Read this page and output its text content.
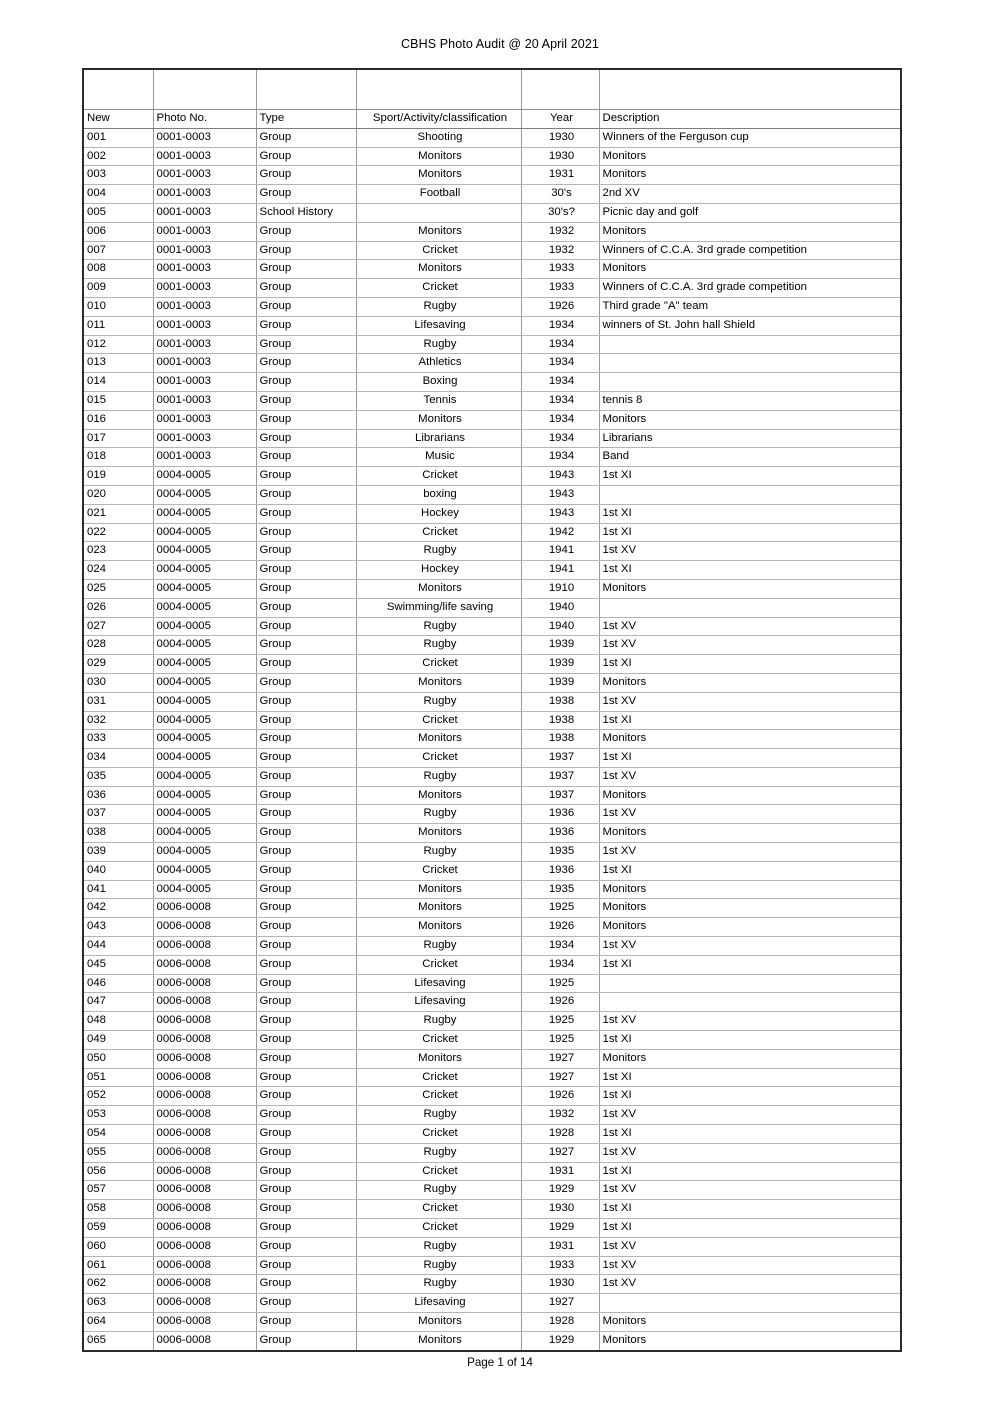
CBHS Photo Audit @ 20 April 2021

New	Photo No.	Type	Sport/Activity/classification	Year	Description
001	0001-0003	Group	Shooting	1930	Winners of the Ferguson cup
002	0001-0003	Group	Monitors	1930	Monitors
003	0001-0003	Group	Monitors	1931	Monitors
004	0001-0003	Group	Football	30's	2nd XV
005	0001-0003	School History		30's?	Picnic day and golf
006	0001-0003	Group	Monitors	1932	Monitors
007	0001-0003	Group	Cricket	1932	Winners of C.C.A. 3rd grade competition
008	0001-0003	Group	Monitors	1933	Monitors
009	0001-0003	Group	Cricket	1933	Winners of C.C.A. 3rd grade competition
010	0001-0003	Group	Rugby	1926	Third grade "A" team
011	0001-0003	Group	Lifesaving	1934	winners of St. John hall Shield
012	0001-0003	Group	Rugby	1934	
013	0001-0003	Group	Athletics	1934	
014	0001-0003	Group	Boxing	1934	
015	0001-0003	Group	Tennis	1934	tennis 8
016	0001-0003	Group	Monitors	1934	Monitors
017	0001-0003	Group	Librarians	1934	Librarians
018	0001-0003	Group	Music	1934	Band
019	0004-0005	Group	Cricket	1943	1st XI
020	0004-0005	Group	boxing	1943	
021	0004-0005	Group	Hockey	1943	1st XI
022	0004-0005	Group	Cricket	1942	1st XI
023	0004-0005	Group	Rugby	1941	1st XV
024	0004-0005	Group	Hockey	1941	1st XI
025	0004-0005	Group	Monitors	1910	Monitors
026	0004-0005	Group	Swimming/life saving	1940	
027	0004-0005	Group	Rugby	1940	1st XV
028	0004-0005	Group	Rugby	1939	1st XV
029	0004-0005	Group	Cricket	1939	1st XI
030	0004-0005	Group	Monitors	1939	Monitors
031	0004-0005	Group	Rugby	1938	1st XV
032	0004-0005	Group	Cricket	1938	1st XI
033	0004-0005	Group	Monitors	1938	Monitors
034	0004-0005	Group	Cricket	1937	1st XI
035	0004-0005	Group	Rugby	1937	1st XV
036	0004-0005	Group	Monitors	1937	Monitors
037	0004-0005	Group	Rugby	1936	1st XV
038	0004-0005	Group	Monitors	1936	Monitors
039	0004-0005	Group	Rugby	1935	1st XV
040	0004-0005	Group	Cricket	1936	1st XI
041	0004-0005	Group	Monitors	1935	Monitors
042	0006-0008	Group	Monitors	1925	Monitors
043	0006-0008	Group	Monitors	1926	Monitors
044	0006-0008	Group	Rugby	1934	1st XV
045	0006-0008	Group	Cricket	1934	1st XI
046	0006-0008	Group	Lifesaving	1925	
047	0006-0008	Group	Lifesaving	1926	
048	0006-0008	Group	Rugby	1925	1st XV
049	0006-0008	Group	Cricket	1925	1st XI
050	0006-0008	Group	Monitors	1927	Monitors
051	0006-0008	Group	Cricket	1927	1st XI
052	0006-0008	Group	Cricket	1926	1st XI
053	0006-0008	Group	Rugby	1932	1st XV
054	0006-0008	Group	Cricket	1928	1st XI
055	0006-0008	Group	Rugby	1927	1st XV
056	0006-0008	Group	Cricket	1931	1st XI
057	0006-0008	Group	Rugby	1929	1st XV
058	0006-0008	Group	Cricket	1930	1st XI
059	0006-0008	Group	Cricket	1929	1st XI
060	0006-0008	Group	Rugby	1931	1st XV
061	0006-0008	Group	Rugby	1933	1st XV
062	0006-0008	Group	Rugby	1930	1st XV
063	0006-0008	Group	Lifesaving	1927	
064	0006-0008	Group	Monitors	1928	Monitors
065	0006-0008	Group	Monitors	1929	Monitors
Page 1 of 14
